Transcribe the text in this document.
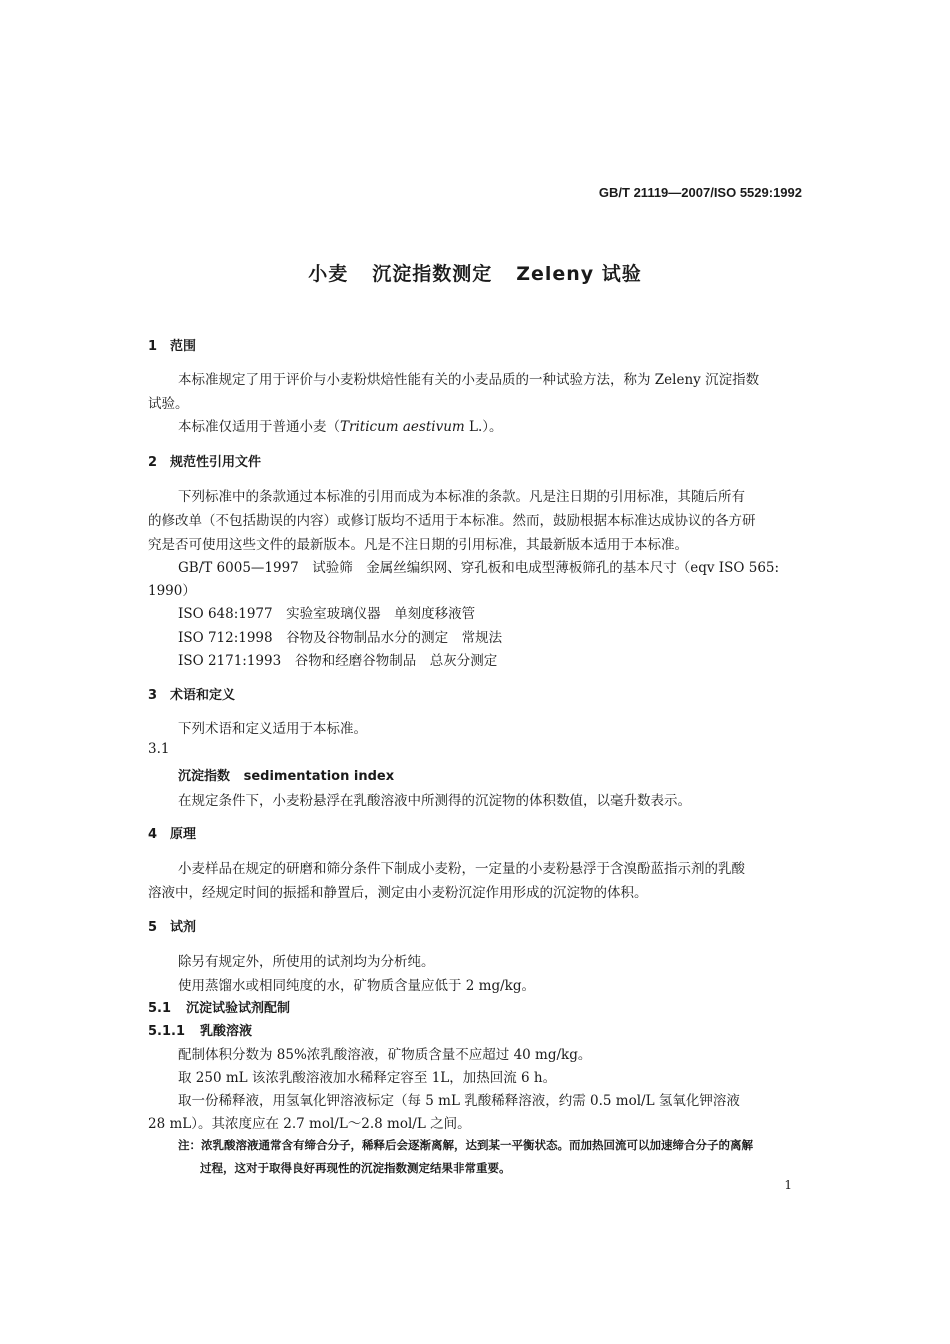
GB/T 21119—2007/ISO 5529:1992
小麦 沉淀指数测定 Zeleny 试验
1 范围
本标准规定了用于评价与小麦粉烘焙性能有关的小麦品质的一种试验方法，称为 Zeleny 沉淀指数
试验。
本标准仅适用于普通小麦（Triticum aestivum L.）。
2 规范性引用文件
下列标准中的条款通过本标准的引用而成为本标准的条款。凡是注日期的引用标准，其随后所有
的修改单（不包括勘误的内容）或修订版均不适用于本标准。然而，鼓励根据本标准达成协议的各方研
究是否可使用这些文件的最新版本。凡是不注日期的引用标准，其最新版本适用于本标准。
GB/T 6005—1997　试验筛　金属丝编织网、穿孔板和电成型薄板筛孔的基本尺寸（eqv ISO 565:
1990）
ISO 648:1977　实验室玻璃仪器　单刻度移液管
ISO 712:1998　谷物及谷物制品水分的测定　常规法
ISO 2171:1993　谷物和经磨谷物制品　总灰分测定
3 术语和定义
下列术语和定义适用于本标准。
3.1
沉淀指数 sedimentation index
在规定条件下，小麦粉悬浮在乳酸溶液中所测得的沉淀物的体积数值，以毫升数表示。
4 原理
小麦样品在规定的研磨和筛分条件下制成小麦粉，一定量的小麦粉悬浮于含溴酚蓝指示剂的乳酸
溶液中，经规定时间的振摇和静置后，测定由小麦粉沉淀作用形成的沉淀物的体积。
5 试剂
除另有规定外，所使用的试剂均为分析纯。
使用蒸馏水或相同纯度的水，矿物质含量应低于 2 mg/kg。
5.1 沉淀试验试剂配制
5.1.1 乳酸溶液
配制体积分数为 85%浓乳酸溶液，矿物质含量不应超过 40 mg/kg。
取 250 mL 该浓乳酸溶液加水稀释定容至 1L，加热回流 6 h。
取一份稀释液，用氢氧化钾溶液标定（每 5 mL 乳酸稀释溶液，约需 0.5 mol/L 氢氧化钾溶液
28 mL）。其浓度应在 2.7 mol/L～2.8 mol/L 之间。
注：浓乳酸溶液通常含有缔合分子，稀释后会逐渐离解，达到某一平衡状态。而加热回流可以加速缔合分子的离解
过程，这对于取得良好再现性的沉淀指数测定结果非常重要。
1
